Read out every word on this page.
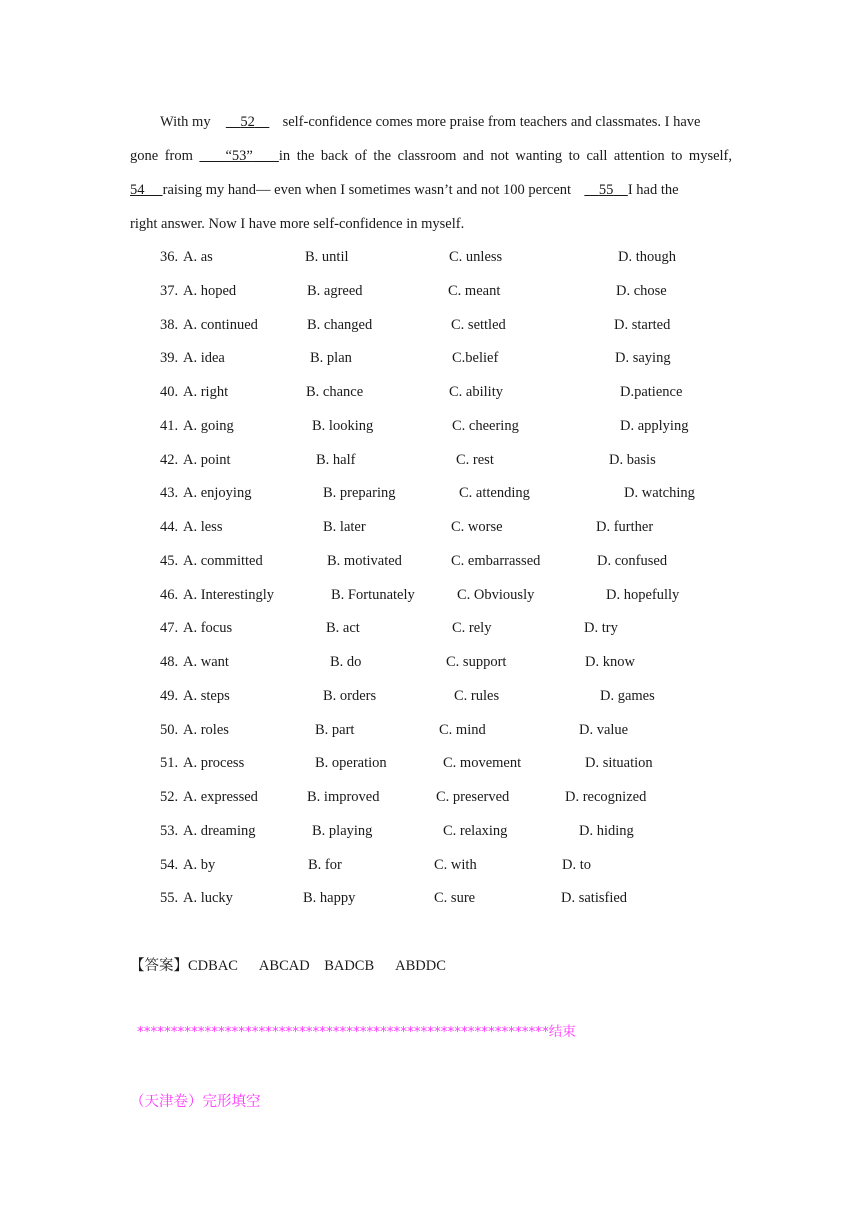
With my 52 self-confidence comes more praise from teachers and classmates. I have
gone from “53” in the back of the classroom and not wanting to call attention to myself,
54 raising my hand— even when I sometimes wasn’t and not 100 percent 55 I had the
right answer. Now I have more self-confidence in myself.
36. A. as	B. until	C. unless	D. though
37. A. hoped	B. agreed	C. meant	D. chose
38. A. continued	B. changed	C. settled	D. started
39. A. idea	B. plan	C.belief	D. saying
40. A. right	B. chance	C. ability	D.patience
41. A. going	B. looking	C. cheering	D. applying
42. A. point	B. half	C. rest	D. basis
43. A. enjoying	B. preparing	C. attending	D. watching
44. A. less	B. later	C. worse	D. further
45. A. committed	B. motivated	C. embarrassed	D. confused
46. A. Interestingly	B. Fortunately	C. Obviously	D. hopefully
47. A. focus	B. act	C. rely	D. try
48. A. want	B. do	C. support	D. know
49. A. steps	B. orders	C. rules	D. games
50. A. roles	B. part	C. mind	D. value
51. A. process	B. operation	C. movement	D. situation
52. A. expressed	B. improved	C. preserved	D. recognized
53. A. dreaming	B. playing	C. relaxing	D. hiding
54. A. by	B. for	C. with	D. to
55. A. lucky	B. happy	C. sure	D. satisfied
【答案】CDBAC ABCAD BADCB ABDDC
*************************************************************结束
（天津卷）完形填空
